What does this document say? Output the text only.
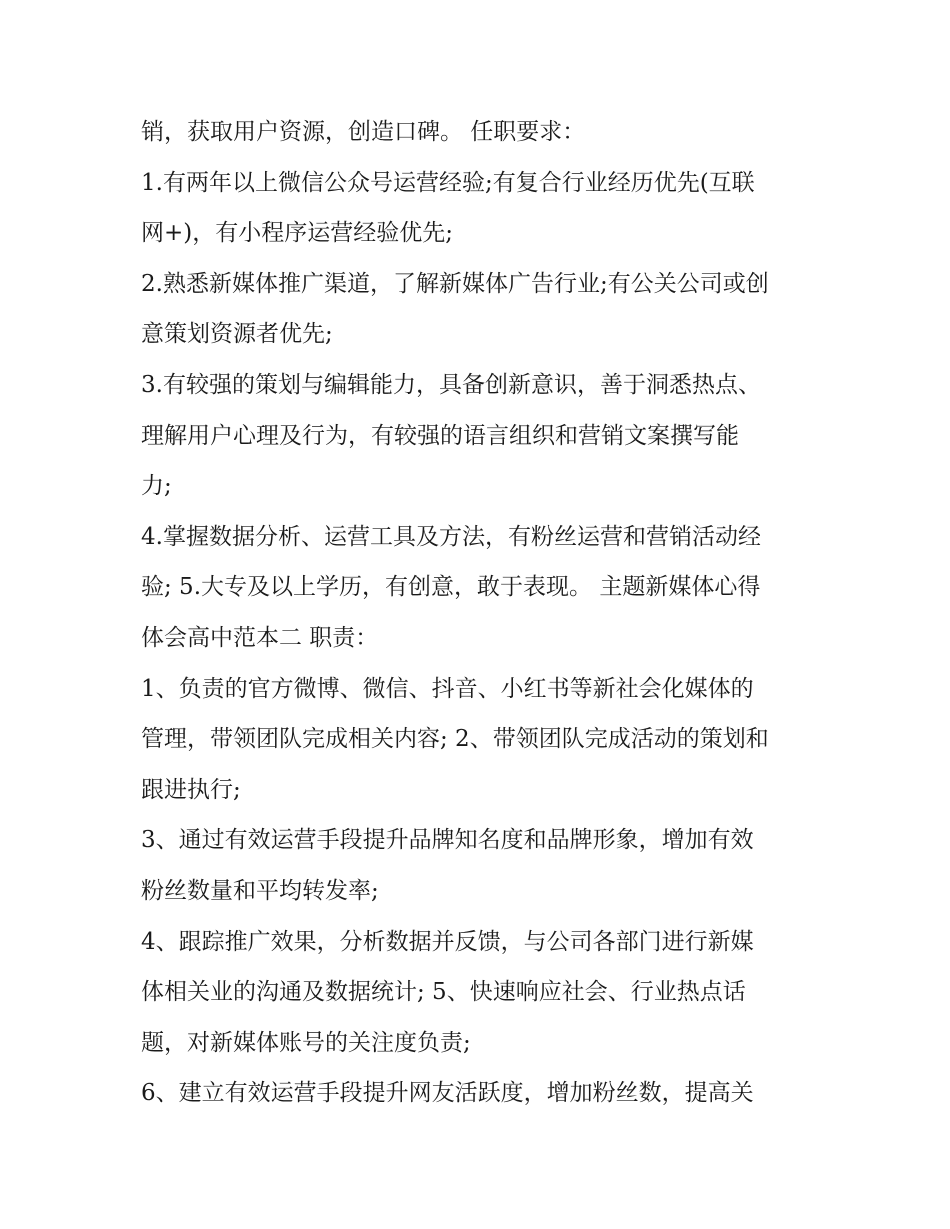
销，获取用户资源，创造口碑。 任职要求：
1.有两年以上微信公众号运营经验;有复合行业经历优先(互联
网+)，有小程序运营经验优先;
2.熟悉新媒体推广渠道，了解新媒体广告行业;有公关公司或创
意策划资源者优先;
3.有较强的策划与编辑能力，具备创新意识，善于洞悉热点、
理解用户心理及行为，有较强的语言组织和营销文案撰写能
力;
4.掌握数据分析、运营工具及方法，有粉丝运营和营销活动经
验; 5.大专及以上学历，有创意，敢于表现。 主题新媒体心得
体会高中范本二 职责：
1、负责的官方微博、微信、抖音、小红书等新社会化媒体的
管理，带领团队完成相关内容; 2、带领团队完成活动的策划和
跟进执行;
3、通过有效运营手段提升品牌知名度和品牌形象，增加有效
粉丝数量和平均转发率;
4、跟踪推广效果，分析数据并反馈，与公司各部门进行新媒
体相关业的沟通及数据统计; 5、快速响应社会、行业热点话
题，对新媒体账号的关注度负责;
6、建立有效运营手段提升网友活跃度，增加粉丝数，提高关
